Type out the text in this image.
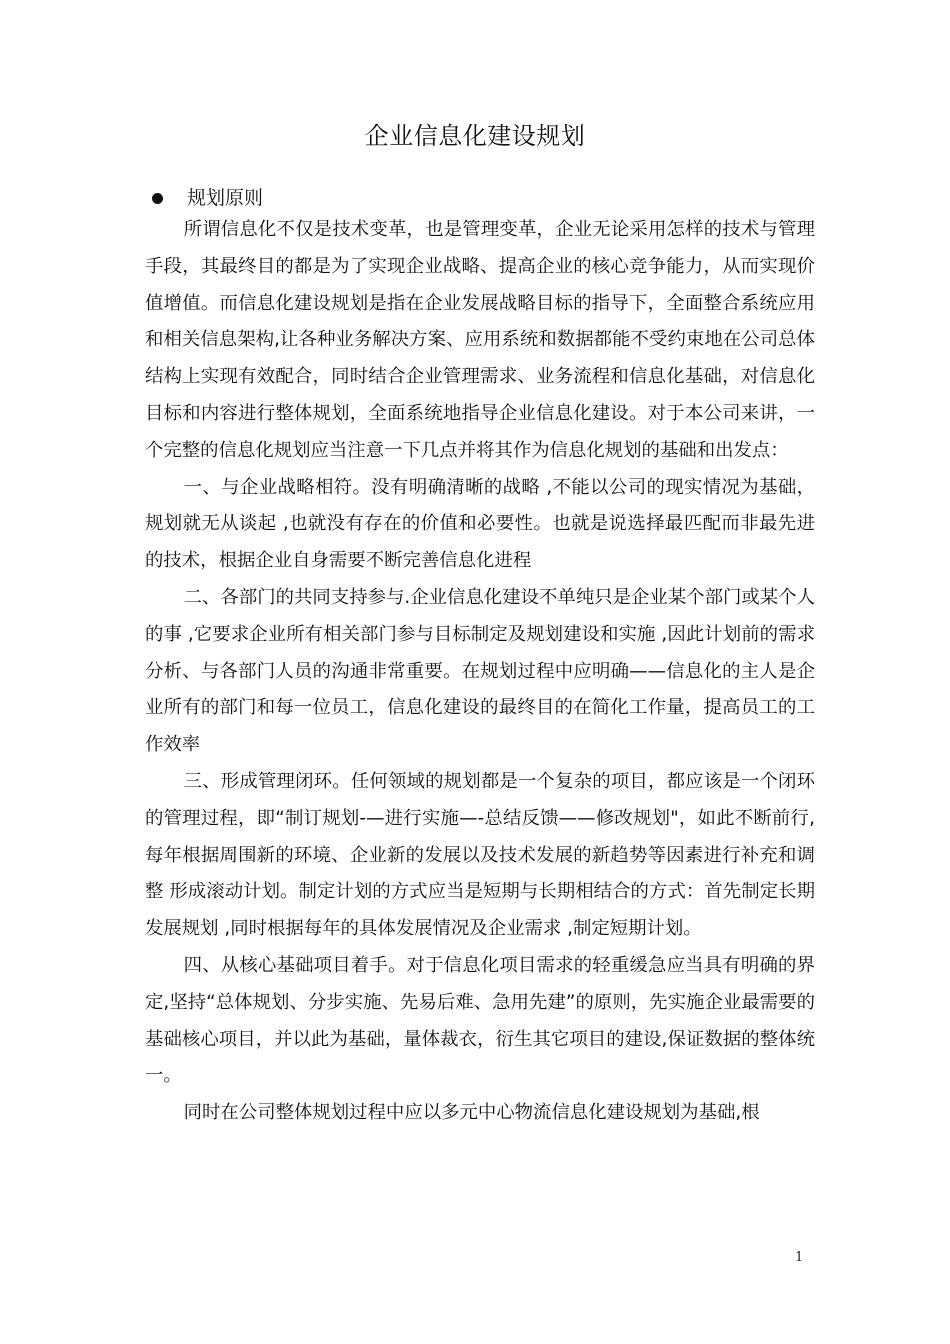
企业信息化建设规划
规划原则

所谓信息化不仅是技术变革，也是管理变革，企业无论采用怎样的技术与管理手段，其最终目的都是为了实现企业战略、提高企业的核心竞争能力，从而实现价值增值。而信息化建设规划是指在企业发展战略目标的指导下，全面整合系统应用和相关信息架构,让各种业务解决方案、应用系统和数据都能不受约束地在公司总体结构上实现有效配合，同时结合企业管理需求、业务流程和信息化基础，对信息化目标和内容进行整体规划，全面系统地指导企业信息化建设。对于本公司来讲，一个完整的信息化规划应当注意一下几点并将其作为信息化规划的基础和出发点：

一、与企业战略相符。没有明确清晰的战略 ,不能以公司的现实情况为基础，规划就无从谈起 ,也就没有存在的价值和必要性。也就是说选择最匹配而非最先进的技术，根据企业自身需要不断完善信息化进程

二、各部门的共同支持参与.企业信息化建设不单纯只是企业某个部门或某个人的事 ,它要求企业所有相关部门参与目标制定及规划建设和实施 ,因此计划前的需求分析、与各部门人员的沟通非常重要。在规划过程中应明确——信息化的主人是企业所有的部门和每一位员工，信息化建设的最终目的在简化工作量，提高员工的工作效率

三、形成管理闭环。任何领域的规划都是一个复杂的项目，都应该是一个闭环的管理过程，即“制订规划-—进行实施—-总结反馈——修改规划"，如此不断前行,每年根据周围新的环境、企业新的发展以及技术发展的新趋势等因素进行补充和调整 形成滚动计划。制定计划的方式应当是短期与长期相结合的方式：首先制定长期发展规划 ,同时根据每年的具体发展情况及企业需求 ,制定短期计划。

四、从核心基础项目着手。对于信息化项目需求的轻重缓急应当具有明确的界定,坚持“总体规划、分步实施、先易后难、急用先建”的原则，先实施企业最需要的基础核心项目，并以此为基础，量体裁衣，衍生其它项目的建设,保证数据的整体统一。

同时在公司整体规划过程中应以多元中心物流信息化建设规划为基础,根

1
